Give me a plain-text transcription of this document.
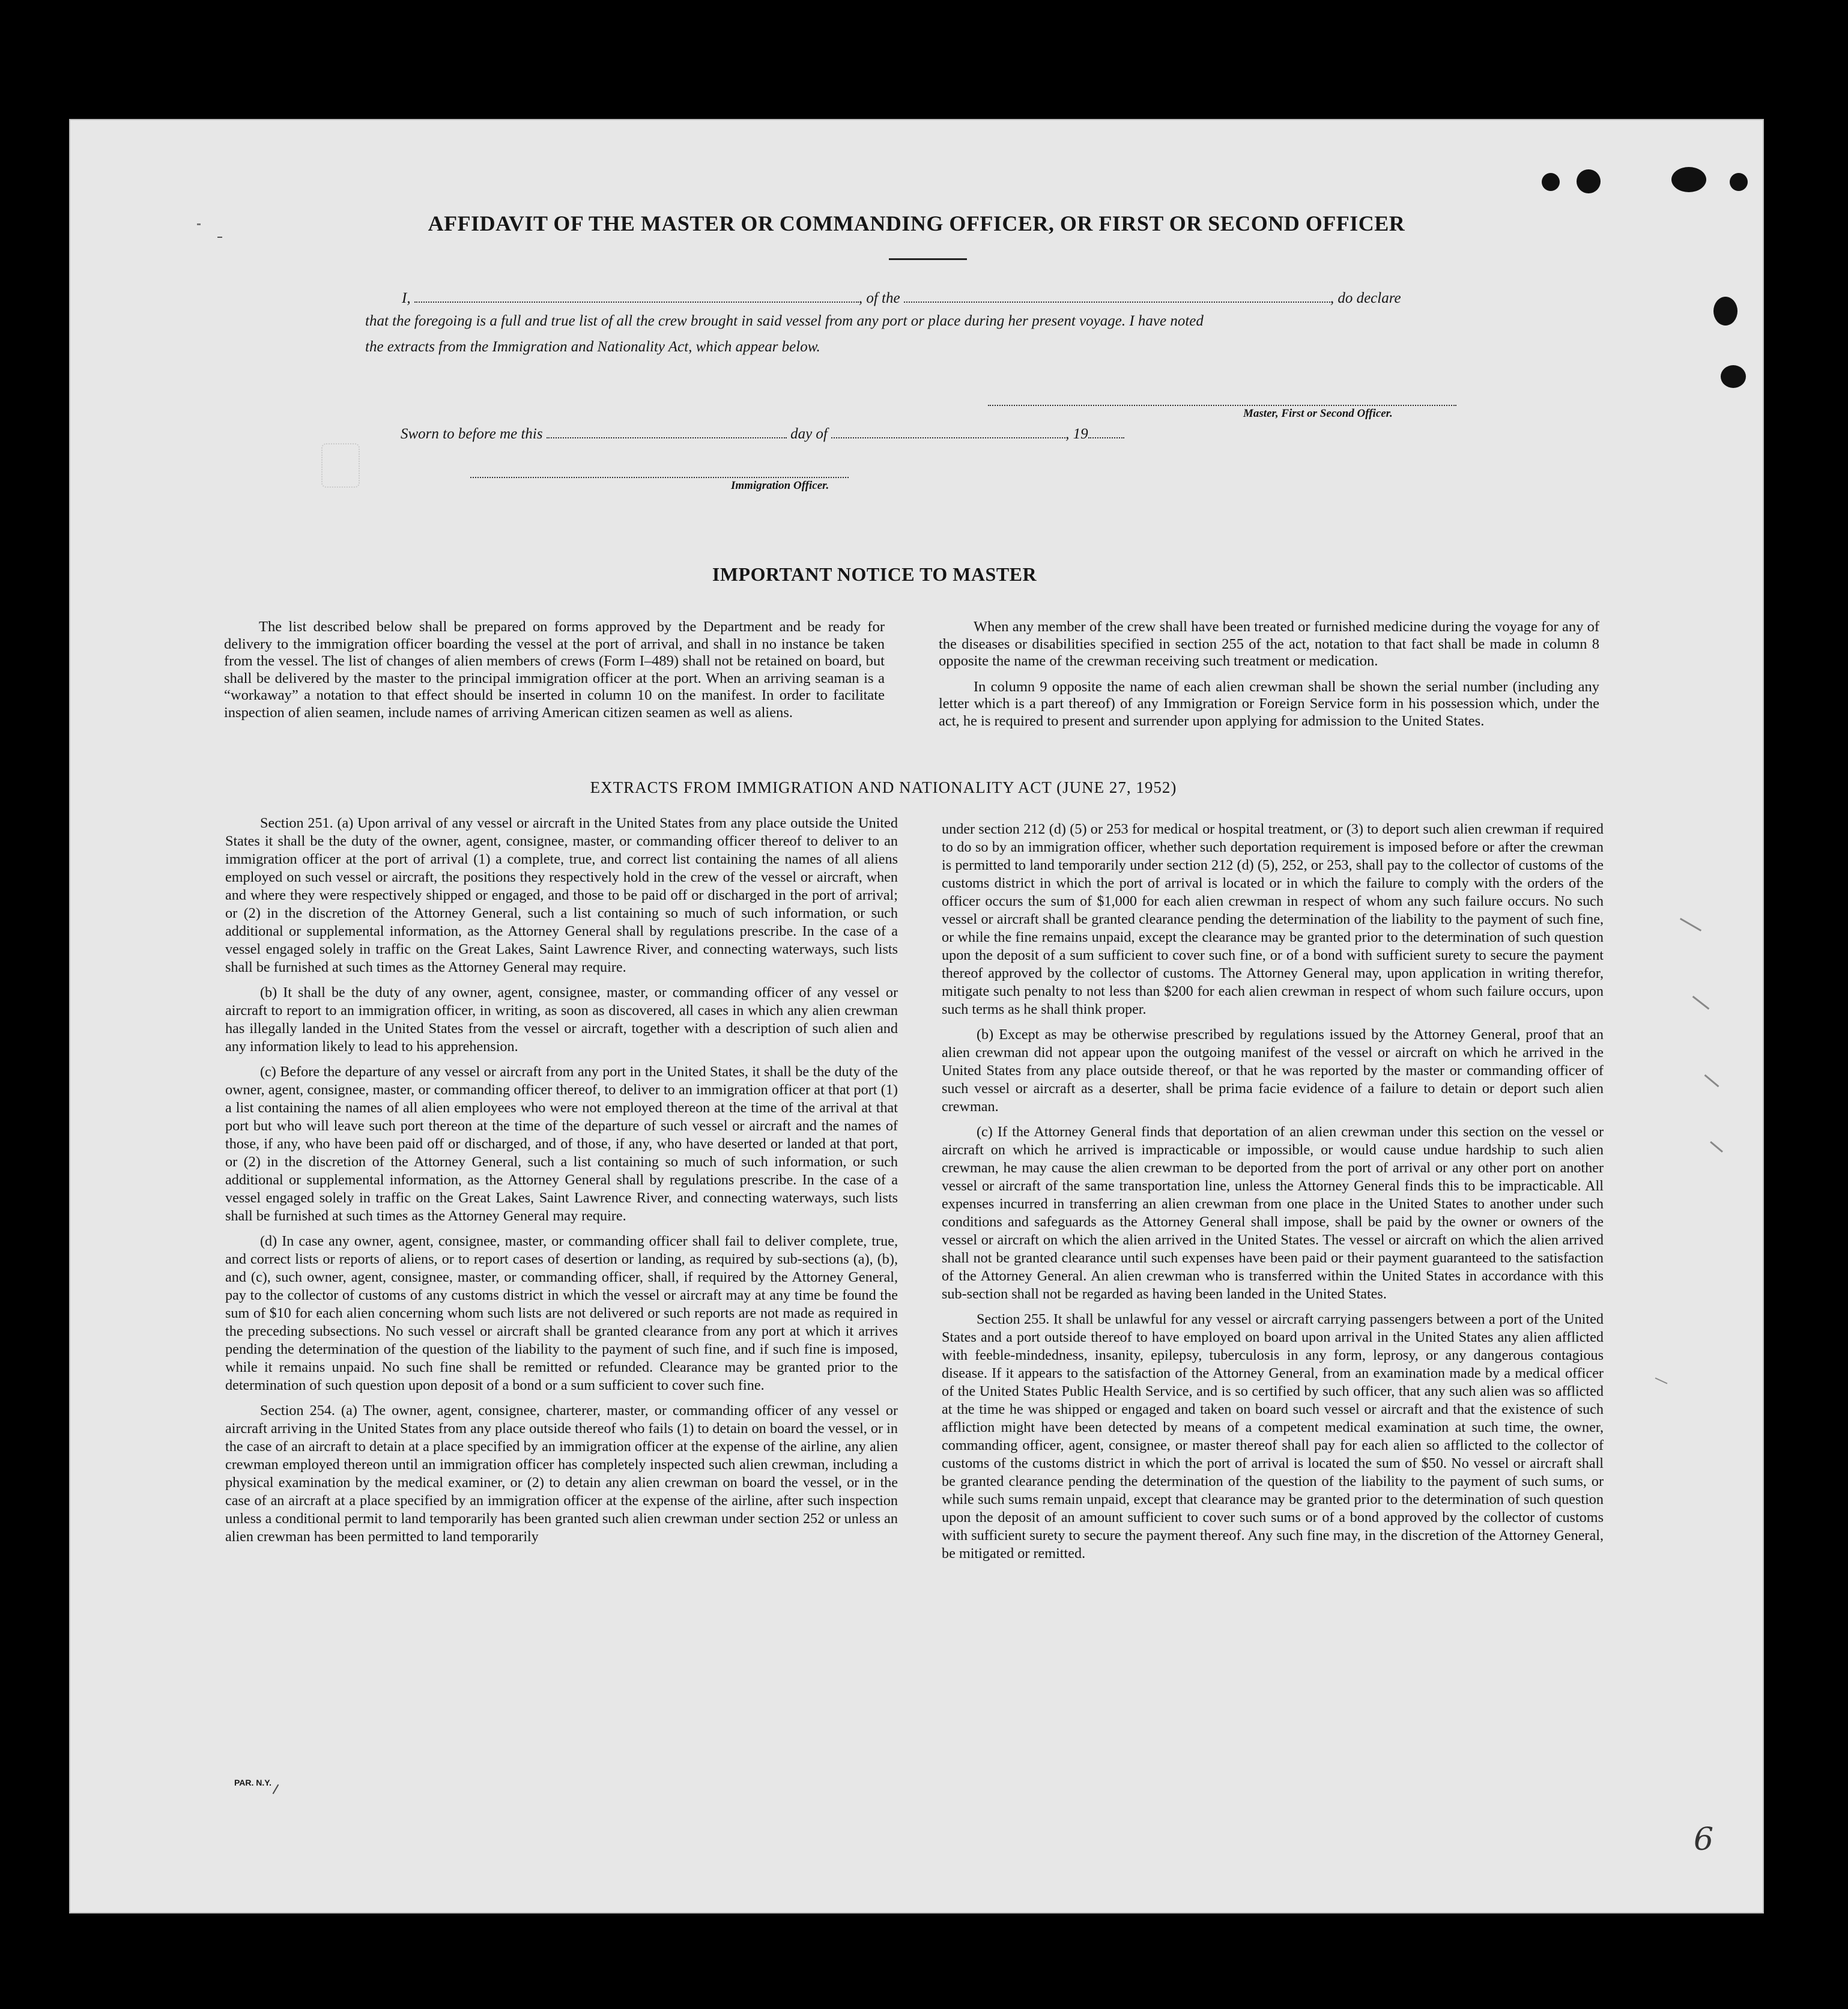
AFFIDAVIT OF THE MASTER OR COMMANDING OFFICER, OR FIRST OR SECOND OFFICER
I,	, of the	, do declare
that the foregoing is a full and true list of all the crew brought in said vessel from any port or place during her present voyage. I have noted
the extracts from the Immigration and Nationality Act, which appear below.
Master, First or Second Officer.
Sworn to before me this	day of	, 19
Immigration Officer.
IMPORTANT NOTICE TO MASTER

The list described below shall be prepared on forms approved by the Department and be ready for delivery to the immigration officer boarding the vessel at the port of arrival, and shall in no instance be taken from the vessel. The list of changes of alien members of crews (Form I–489) shall not be retained on board, but shall be delivered by the master to the principal immigration officer at the port. When an arriving seaman is a “workaway” a notation to that effect should be inserted in column 10 on the manifest. In order to facilitate inspection of alien seamen, include names of arriving American citizen seamen as well as aliens.

When any member of the crew shall have been treated or furnished medicine during the voyage for any of the diseases or disabilities specified in section 255 of the act, notation to that fact shall be made in column 8 opposite the name of the crewman receiving such treatment or medication.

In column 9 opposite the name of each alien crewman shall be shown the serial number (including any letter which is a part thereof) of any Immigration or Foreign Service form in his possession which, under the act, he is required to present and surrender upon applying for admission to the United States.

EXTRACTS FROM IMMIGRATION AND NATIONALITY ACT (JUNE 27, 1952)

Section 251. (a) Upon arrival of any vessel or aircraft in the United States from any place outside the United States it shall be the duty of the owner, agent, consignee, master, or commanding officer thereof to deliver to an immigration officer at the port of arrival (1) a complete, true, and correct list containing the names of all aliens employed on such vessel or aircraft, the positions they respectively hold in the crew of the vessel or aircraft, when and where they were respectively shipped or engaged, and those to be paid off or discharged in the port of arrival; or (2) in the discretion of the Attorney General, such a list containing so much of such information, or such additional or supplemental information, as the Attorney General shall by regulations prescribe. In the case of a vessel engaged solely in traffic on the Great Lakes, Saint Lawrence River, and connecting waterways, such lists shall be furnished at such times as the Attorney General may require.

(b) It shall be the duty of any owner, agent, consignee, master, or commanding officer of any vessel or aircraft to report to an immigration officer, in writing, as soon as discovered, all cases in which any alien crewman has illegally landed in the United States from the vessel or aircraft, together with a description of such alien and any information likely to lead to his apprehension.

(c) Before the departure of any vessel or aircraft from any port in the United States, it shall be the duty of the owner, agent, consignee, master, or commanding officer thereof, to deliver to an immigration officer at that port (1) a list containing the names of all alien employees who were not employed thereon at the time of the arrival at that port but who will leave such port thereon at the time of the departure of such vessel or aircraft and the names of those, if any, who have been paid off or discharged, and of those, if any, who have deserted or landed at that port, or (2) in the discretion of the Attorney General, such a list containing so much of such information, or such additional or supplemental information, as the Attorney General shall by regulations prescribe. In the case of a vessel engaged solely in traffic on the Great Lakes, Saint Lawrence River, and connecting waterways, such lists shall be furnished at such times as the Attorney General may require.

(d) In case any owner, agent, consignee, master, or commanding officer shall fail to deliver complete, true, and correct lists or reports of aliens, or to report cases of desertion or landing, as required by sub-sections (a), (b), and (c), such owner, agent, consignee, master, or commanding officer, shall, if required by the Attorney General, pay to the collector of customs of any customs district in which the vessel or aircraft may at any time be found the sum of $10 for each alien concerning whom such lists are not delivered or such reports are not made as required in the preceding subsections. No such vessel or aircraft shall be granted clearance from any port at which it arrives pending the determination of the question of the liability to the payment of such fine, and if such fine is imposed, while it remains unpaid. No such fine shall be remitted or refunded. Clearance may be granted prior to the determination of such question upon deposit of a bond or a sum sufficient to cover such fine.

Section 254. (a) The owner, agent, consignee, charterer, master, or commanding officer of any vessel or aircraft arriving in the United States from any place outside thereof who fails (1) to detain on board the vessel, or in the case of an aircraft to detain at a place specified by an immigration officer at the expense of the airline, any alien crewman employed thereon until an immigration officer has completely inspected such alien crewman, including a physical examination by the medical examiner, or (2) to detain any alien crewman on board the vessel, or in the case of an aircraft at a place specified by an immigration officer at the expense of the airline, after such inspection unless a conditional permit to land temporarily has been granted such alien crewman under section 252 or unless an alien crewman has been permitted to land temporarily

under section 212 (d) (5) or 253 for medical or hospital treatment, or (3) to deport such alien crewman if required to do so by an immigration officer, whether such deportation requirement is imposed before or after the crewman is permitted to land temporarily under section 212 (d) (5), 252, or 253, shall pay to the collector of customs of the customs district in which the port of arrival is located or in which the failure to comply with the orders of the officer occurs the sum of $1,000 for each alien crewman in respect of whom any such failure occurs. No such vessel or aircraft shall be granted clearance pending the determination of the liability to the payment of such fine, or while the fine remains unpaid, except the clearance may be granted prior to the determination of such question upon the deposit of a sum sufficient to cover such fine, or of a bond with sufficient surety to secure the payment thereof approved by the collector of customs. The Attorney General may, upon application in writing therefor, mitigate such penalty to not less than $200 for each alien crewman in respect of whom such failure occurs, upon such terms as he shall think proper.

(b) Except as may be otherwise prescribed by regulations issued by the Attorney General, proof that an alien crewman did not appear upon the outgoing manifest of the vessel or aircraft on which he arrived in the United States from any place outside thereof, or that he was reported by the master or commanding officer of such vessel or aircraft as a deserter, shall be prima facie evidence of a failure to detain or deport such alien crewman.

(c) If the Attorney General finds that deportation of an alien crewman under this section on the vessel or aircraft on which he arrived is impracticable or impossible, or would cause undue hardship to such alien crewman, he may cause the alien crewman to be deported from the port of arrival or any other port on another vessel or aircraft of the same transportation line, unless the Attorney General finds this to be impracticable. All expenses incurred in transferring an alien crewman from one place in the United States to another under such conditions and safeguards as the Attorney General shall impose, shall be paid by the owner or owners of the vessel or aircraft on which the alien arrived in the United States. The vessel or aircraft on which the alien arrived shall not be granted clearance until such expenses have been paid or their payment guaranteed to the satisfaction of the Attorney General. An alien crewman who is transferred within the United States in accordance with this sub-section shall not be regarded as having been landed in the United States.

Section 255. It shall be unlawful for any vessel or aircraft carrying passengers between a port of the United States and a port outside thereof to have employed on board upon arrival in the United States any alien afflicted with feeble-mindedness, insanity, epilepsy, tuberculosis in any form, leprosy, or any dangerous contagious disease. If it appears to the satisfaction of the Attorney General, from an examination made by a medical officer of the United States Public Health Service, and is so certified by such officer, that any such alien was so afflicted at the time he was shipped or engaged and taken on board such vessel or aircraft and that the existence of such affliction might have been detected by means of a competent medical examination at such time, the owner, commanding officer, agent, consignee, or master thereof shall pay for each alien so afflicted to the collector of customs of the customs district in which the port of arrival is located the sum of $50. No vessel or aircraft shall be granted clearance pending the determination of the question of the liability to the payment of such sums, or while such sums remain unpaid, except that clearance may be granted prior to the determination of such question upon the deposit of an amount sufficient to cover such sums or of a bond approved by the collector of customs with sufficient surety to secure the payment thereof. Any such fine may, in the discretion of the Attorney General, be mitigated or remitted.

PAR. N.Y.
6
